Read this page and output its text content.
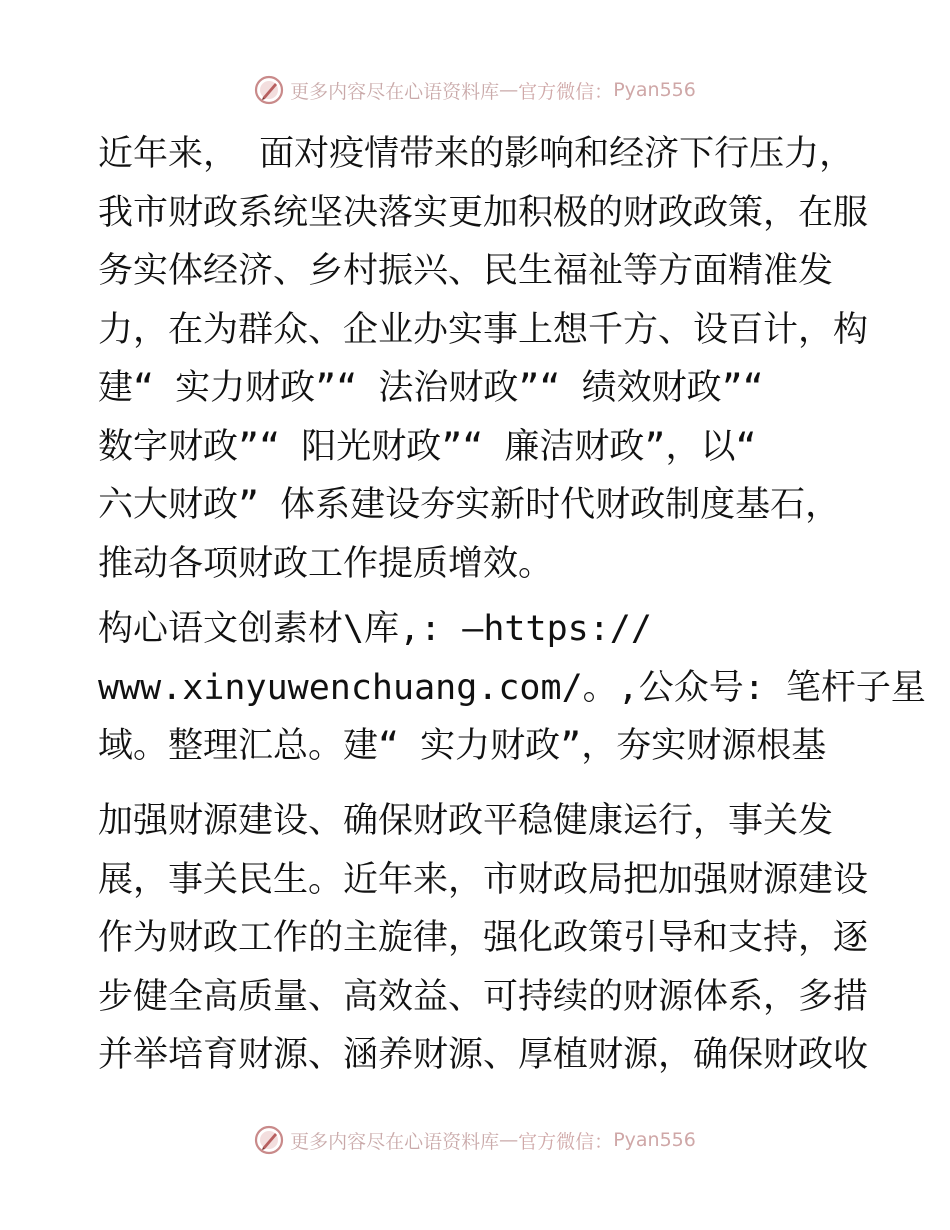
更多内容尽在心语资料库 — 官方微信： Pyan556
近年来， 面对疫情带来的影响和经济下行压力，
我市财政系统坚决落实更加积极的财政政策，在服
务实体经济、乡村振兴、民生福祉等方面精准发
力，在为群众、企业办实事上想千方、设百计，构
建“ 实力财政”“ 法治财政”“ 绩效财政”“
数字财政”“ 阳光财政”“ 廉洁财政”，以“
六大财政” 体系建设夯实新时代财政制度基石，
推动各项财政工作提质增效。
构心语文创素材\库,: —https://
www.xinyuwenchuang.com/。,公众号: 笔杆子星
域。整理汇总。建“ 实力财政”，夯实财源根基
加强财源建设、确保财政平稳健康运行，事关发
展，事关民生。近年来，市财政局把加强财源建设
作为财政工作的主旋律，强化政策引导和支持，逐
步健全高质量、高效益、可持续的财源体系，多措
并举培育财源、涵养财源、厚植财源，确保财政收
更多内容尽在心语资料库 — 官方微信： Pyan556
